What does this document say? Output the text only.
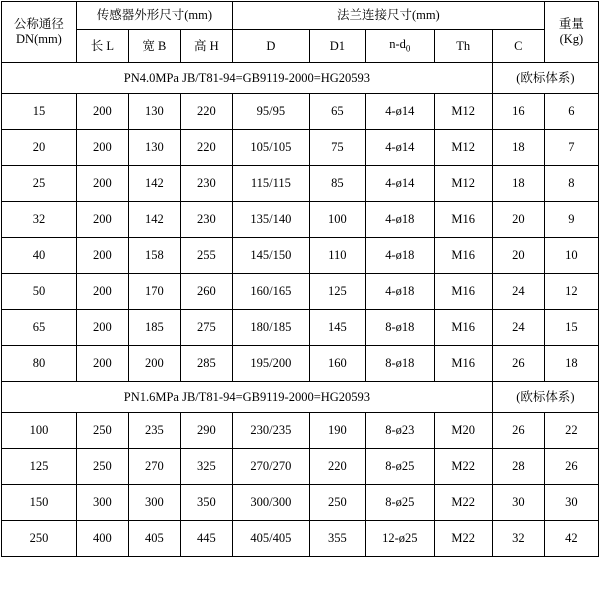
公称通径
DN(mm)	传感器外形尺寸(mm)			法兰连接尺寸(mm)					重量
(Kg)

	长 L	宽 B	高 H	D	D1	$n-d_0$	Th	C	
PN4.0MPa JB/T81-94=GB9119-2000=HG20593								(欧标体系)	
15	200	130	220	95/95	65	4-ø14	M12	16	6
20	200	130	220	105/105	75	4-ø14	M12	18	7
25	200	142	230	115/115	85	4-ø14	M12	18	8
32	200	142	230	135/140	100	4-ø18	M16	20	9
40	200	158	255	145/150	110	4-ø18	M16	20	10
50	200	170	260	160/165	125	4-ø18	M16	24	12
65	200	185	275	180/185	145	8-ø18	M16	24	15
80	200	200	285	195/200	160	8-ø18	M16	26	18
PN1.6MPa JB/T81-94=GB9119-2000=HG20593								(欧标体系)	
100	250	235	290	230/235	190	8-ø23	M20	26	22
125	250	270	325	270/270	220	8-ø25	M22	28	26
150	300	300	350	300/300	250	8-ø25	M22	30	30
250	400	405	445	405/405	355	12-ø25	M22	32	42
